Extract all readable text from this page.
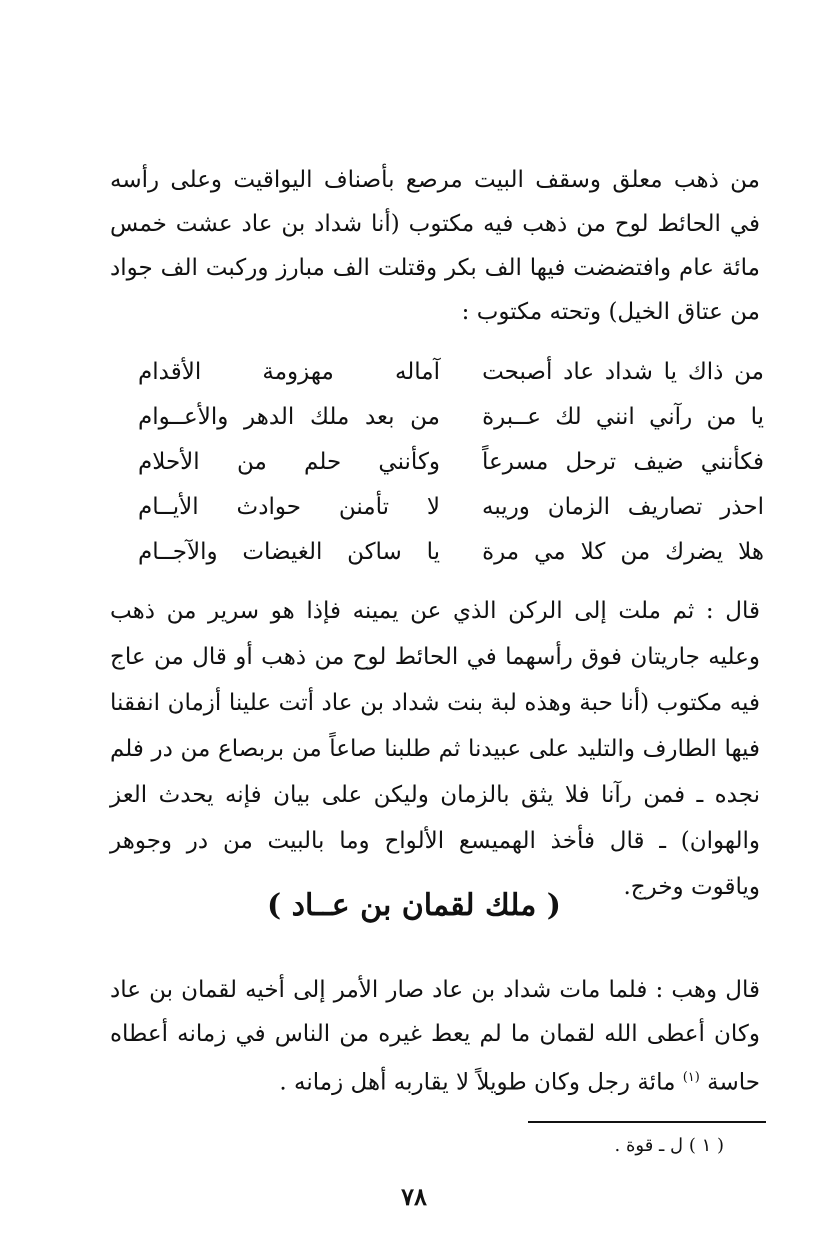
من ذهب معلق وسقف البيت مرصع بأصناف اليواقيت وعلى رأسه في الحائط لوح من ذهب فيه مكتوب (أنا شداد بن عاد عشت خمس مائة عام وافتضضت فيها الف بكر وقتلت الف مبارز وركبت الف جواد من عتاق الخيل) وتحته مكتوب :

من
ذاك
يا
شداد
عاد
أصبحت
آماله
مهزومة
الأقدام
يا
من
رآني
انني
لك
عــبرة
من
بعد
ملك
الدهر
والأعــوام
فكأنني
ضيف
ترحل
مسرعاً
وكأنني
حلم
من
الأحلام
احذر
تصاريف
الزمان
وريبه
لا
تأمنن
حوادث
الأيــام
هلا
يضرك
من
كلا
مي
مرة
يا
ساكن
الغيضات
والآجــام

قال : ثم ملت إلى الركن الذي عن يمينه فإذا هو سرير من ذهب وعليه جاريتان فوق رأسهما في الحائط لوح من ذهب أو قال من عاج فيه مكتوب (أنا حبة وهذه لبة بنت شداد بن عاد أتت علينا أزمان انفقنا فيها الطارف والتليد على عبيدنا ثم طلبنا صاعاً من بربصاع من در فلم نجده ـ فمن رآنا فلا يثق بالزمان وليكن على بيان فإنه يحدث العز والهوان) ـ قال فأخذ الهميسع الألواح وما بالبيت من در وجوهر وياقوت وخرج.

( ملك لقمان بن عــاد )

قال وهب : فلما مات شداد بن عاد صار الأمر إلى أخيه لقمان بن عاد وكان أعطى الله لقمان ما لم يعط غيره من الناس في زمانه أعطاه حاسة $^{(١)}$ مائة رجل وكان طويلاً لا يقاربه أهل زمانه .

( ١ ) ل ـ قوة .
٧٨
